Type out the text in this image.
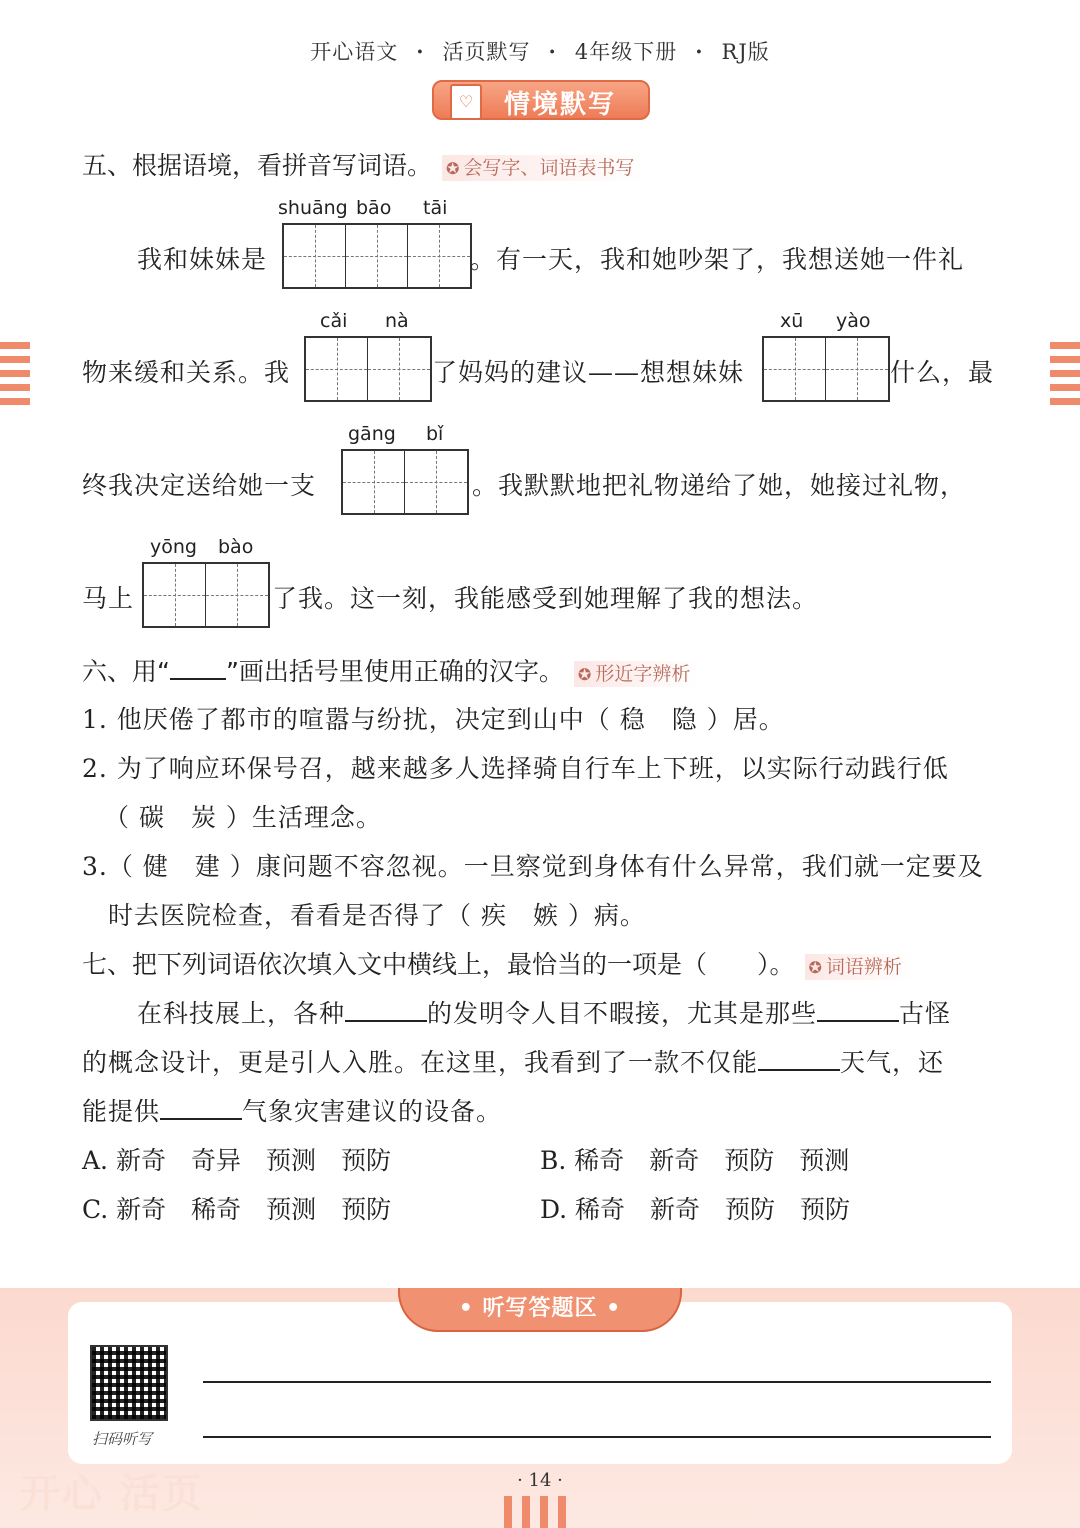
开心语文 · 活页默写 · 4年级下册 · RJ版
♡	情境默写
五、根据语境，看拼音写词语。 ✪ 会写字、词语表书写
shuāng bāo tāi
我和妹妹是	。有一天，我和她吵架了，我想送她一件礼
cǎi nà	xū yào
物来缓和关系。我	了妈妈的建议——想想妹妹	什么，最
gāng bǐ
终我决定送给她一支	。我默默地把礼物递给了她，她接过礼物，
yōng bào
马上	了我。这一刻，我能感受到她理解了我的想法。
六、用“ ”画出括号里使用正确的汉字。 ✪ 形近字辨析
1. 他厌倦了都市的喧嚣与纷扰，决定到山中（ 稳　隐 ）居。
2. 为了响应环保号召，越来越多人选择骑自行车上下班，以实际行动践行低
（ 碳　炭 ）生活理念。
3.（ 健　建 ）康问题不容忽视。一旦察觉到身体有什么异常，我们就一定要及
时去医院检查，看看是否得了（ 疾　嫉 ）病。
七、把下列词语依次填入文中横线上，最恰当的一项是（　　）。 ✪ 词语辨析
在科技展上，各种	的发明令人目不暇接，尤其是那些	古怪
的概念设计，更是引人入胜。在这里，我看到了一款不仅能	天气，还
能提供	气象灾害建议的设备。
A. 新奇　奇异　预测　预防	B. 稀奇　新奇　预防　预测
C. 新奇　稀奇　预测　预防	D. 稀奇　新奇　预防　预防
• 听写答题区 •
扫码听写
开心 活页	· 14 ·
